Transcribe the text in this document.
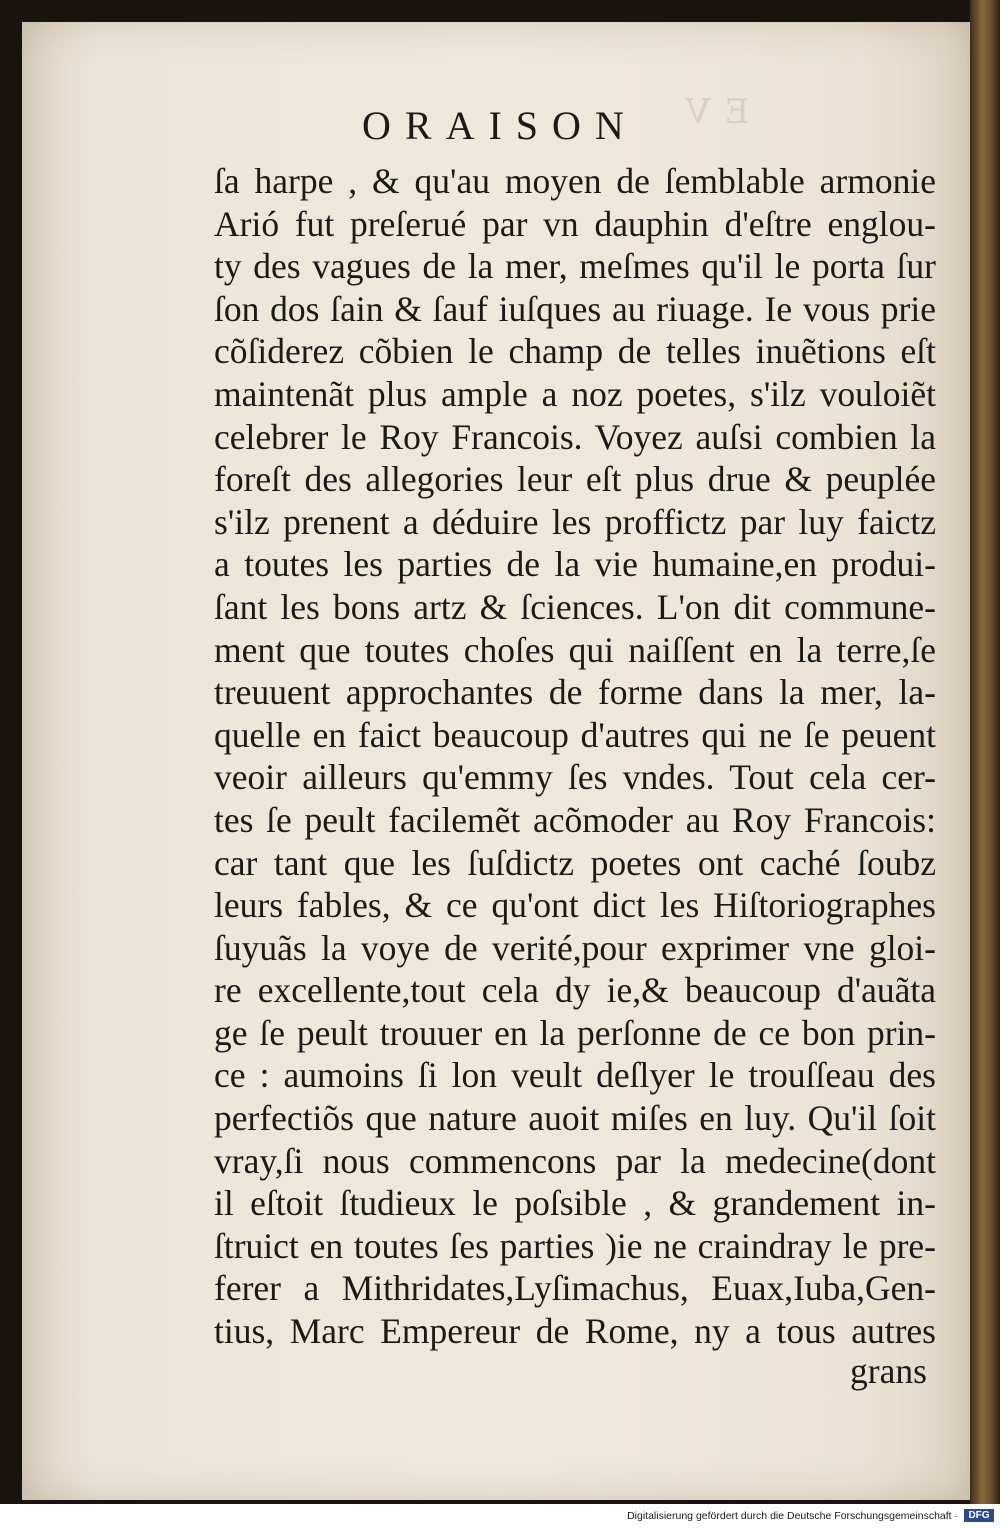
EV
ORAISON
ſa harpe , & qu'au moyen de ſemblable armonie
Arió fut preſerué par vn dauphin d'eſtre englou-
ty des vagues de la mer, meſmes qu'il le porta ſur
ſon dos ſain & ſauf iuſques au riuage. Ie vous prie
cõſiderez cõbien le champ de telles inuẽtions eſt
maintenãt plus ample a noz poetes, s'ilz vouloiẽt
celebrer le Roy Francois. Voyez auſsi combien la
foreſt des allegories leur eſt plus drue & peuplée
s'ilz prenent a déduire les proffictz par luy faictz
a toutes les parties de la vie humaine,en produi-
ſant les bons artz & ſciences. L'on dit commune-
ment que toutes choſes qui naiſſent en la terre,ſe
treuuent approchantes de forme dans la mer, la-
quelle en faict beaucoup d'autres qui ne ſe peuent
veoir ailleurs qu'emmy ſes vndes. Tout cela cer-
tes ſe peult facilemẽt acõmoder au Roy Francois:
car tant que les ſuſdictz poetes ont caché ſoubz
leurs fables, & ce qu'ont dict les Hiſtoriographes
ſuyuãs la voye de verité,pour exprimer vne gloi-
re excellente,tout cela dy ie,& beaucoup d'auãta
ge ſe peult trouuer en la perſonne de ce bon prin-
ce : aumoins ſi lon veult deſlyer le trouſſeau des
perfectiõs que nature auoit miſes en luy. Qu'il ſoit
vray,ſi nous commencons par la medecine(dont
il eſtoit ſtudieux le poſsible , & grandement in-
ſtruict en toutes ſes parties )ie ne craindray le pre-
ferer a Mithridates,Lyſimachus, Euax,Iuba,Gen-
tius, Marc Empereur de Rome, ny a tous autres
grans
Digitalisierung gefördert durch die Deutsche Forschungsgemeinschaft ·	DFG
